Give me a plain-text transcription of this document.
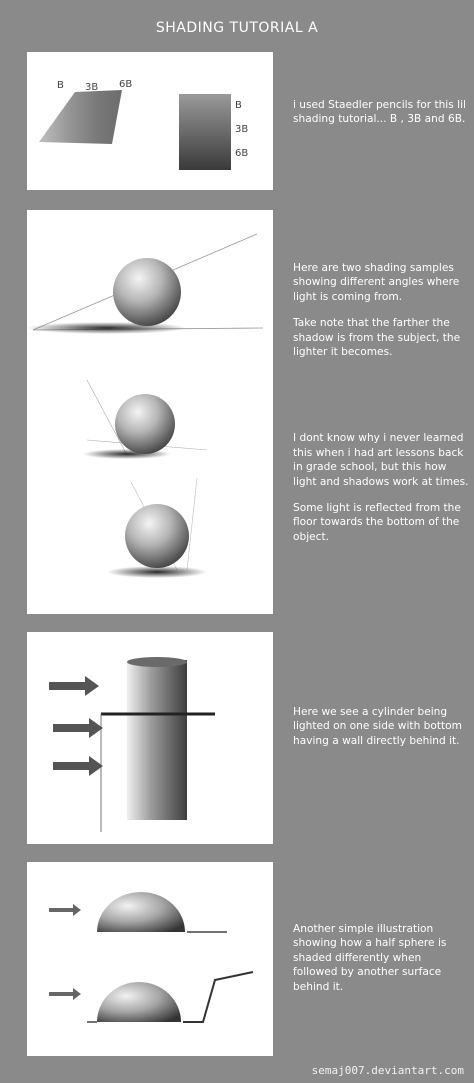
SHADING TUTORIAL A
B 3B 6B
B
3B
6B

i used Staedler pencils for this lil shading tutorial... B , 3B and 6B.

Here are two shading samples showing different angles where light is coming from.

Take note that the farther the shadow is from the subject, the lighter it becomes.

I dont know why i never learned this when i had art lessons back in grade school, but this how light and shadows work at times.

Some light is reflected from the floor towards the bottom of the object.

Here we see a cylinder being lighted on one side with bottom having a wall directly behind it.

Another simple illustration showing how a half sphere is shaded differently when followed by another surface behind it.

semaj007.deviantart.com
